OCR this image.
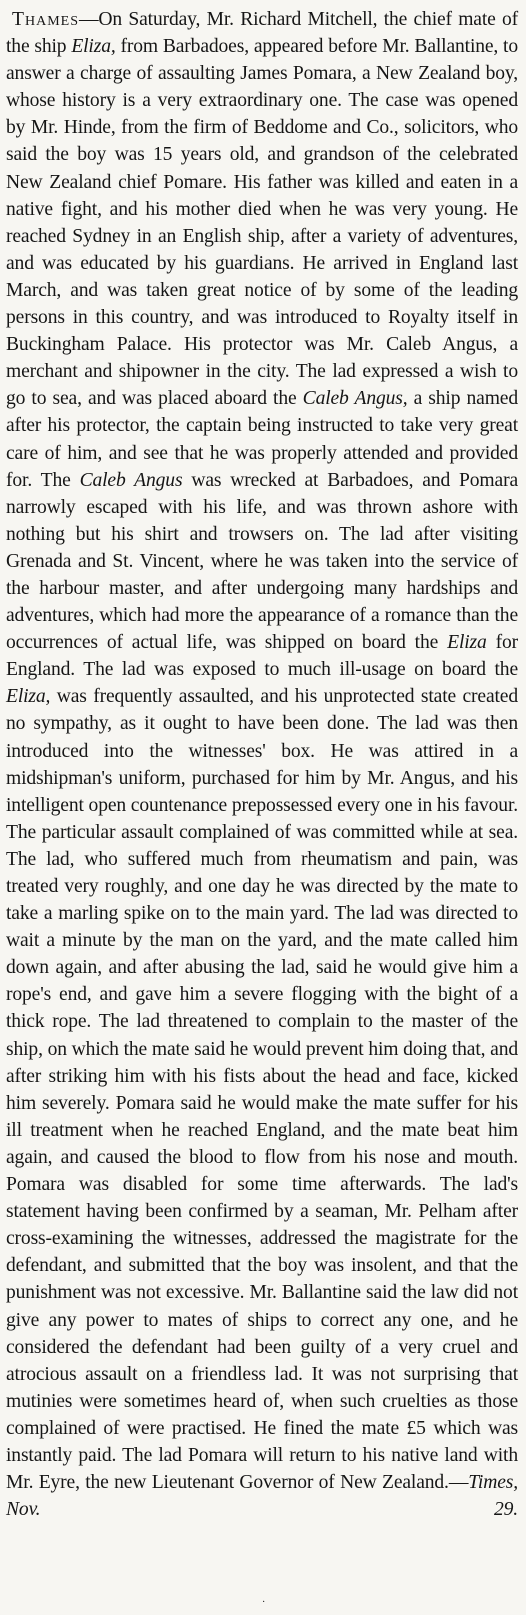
Thames—On Saturday, Mr. Richard Mitchell, the chief mate of the ship Eliza, from Barbadoes, appeared before Mr. Ballantine, to answer a charge of assaulting James Pomara, a New Zealand boy, whose history is a very extraordinary one. The case was opened by Mr. Hinde, from the firm of Beddome and Co., solicitors, who said the boy was 15 years old, and grandson of the celebrated New Zealand chief Pomare. His father was killed and eaten in a native fight, and his mother died when he was very young. He reached Sydney in an English ship, after a variety of adventures, and was educated by his guardians. He arrived in England last March, and was taken great notice of by some of the leading persons in this country, and was introduced to Royalty itself in Buckingham Palace. His protector was Mr. Caleb Angus, a merchant and shipowner in the city. The lad expressed a wish to go to sea, and was placed aboard the Caleb Angus, a ship named after his protector, the captain being instructed to take very great care of him, and see that he was properly attended and provided for. The Caleb Angus was wrecked at Barbadoes, and Pomara narrowly escaped with his life, and was thrown ashore with nothing but his shirt and trowsers on. The lad after visiting Grenada and St. Vincent, where he was taken into the service of the harbour master, and after undergoing many hardships and adventures, which had more the appearance of a romance than the occurrences of actual life, was shipped on board the Eliza for England. The lad was exposed to much ill-usage on board the Eliza, was frequently assaulted, and his unprotected state created no sympathy, as it ought to have been done. The lad was then introduced into the witnesses' box. He was attired in a midshipman's uniform, purchased for him by Mr. Angus, and his intelligent open countenance prepossessed every one in his favour. The particular assault complained of was committed while at sea. The lad, who suffered much from rheumatism and pain, was treated very roughly, and one day he was directed by the mate to take a marling spike on to the main yard. The lad was directed to wait a minute by the man on the yard, and the mate called him down again, and after abusing the lad, said he would give him a rope's end, and gave him a severe flogging with the bight of a thick rope. The lad threatened to complain to the master of the ship, on which the mate said he would prevent him doing that, and after striking him with his fists about the head and face, kicked him severely. Pomara said he would make the mate suffer for his ill treatment when he reached England, and the mate beat him again, and caused the blood to flow from his nose and mouth. Pomara was disabled for some time afterwards. The lad's statement having been confirmed by a seaman, Mr. Pelham after cross-examining the witnesses, addressed the magistrate for the defendant, and submitted that the boy was insolent, and that the punishment was not excessive. Mr. Ballantine said the law did not give any power to mates of ships to correct any one, and he considered the defendant had been guilty of a very cruel and atrocious assault on a friendless lad. It was not surprising that mutinies were sometimes heard of, when such cruelties as those complained of were practised. He fined the mate £5 which was instantly paid. The lad Pomara will return to his native land with Mr. Eyre, the new Lieutenant Governor of New Zealand.—Times, Nov. 29.

·
